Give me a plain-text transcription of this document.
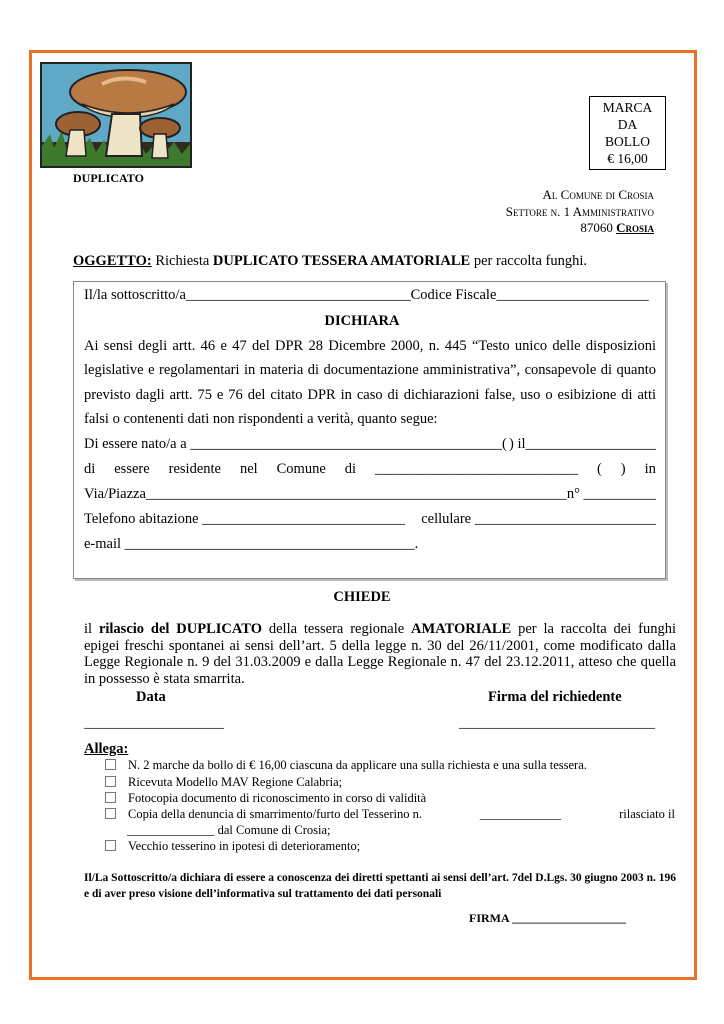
DUPLICATO
MARCA
DA
BOLLO
€ 16,00
Al Comune di Crosia
Settore n. 1 Amministrativo
87060 Crosia
OGGETTO: Richiesta DUPLICATO TESSERA AMATORIALE per raccolta funghi.
Il/la sottoscritto/a_______________________________Codice Fiscale_____________________
DICHIARA
Ai sensi degli artt. 46 e 47 del DPR 28 Dicembre 2000, n. 445 “Testo unico delle disposizioni
legislative e regolamentari in materia di documentazione amministrativa”, consapevole di quanto
previsto dagli artt. 75 e 76 del citato DPR in caso di dichiarazioni false, uso o esibizione di atti
falsi o contenenti dati non rispondenti a verità, quanto segue:
Di essere nato/a a ___________________________________________( ) il__________________
di essere residente nel Comune di ____________________________ ( ) in
Via/Piazza__________________________________________________________ n° __________
Telefono abitazione ____________________________ cellulare _________________________
e-mail ________________________________________.
CHIEDE
il rilascio del DUPLICATO della tessera regionale AMATORIALE per la raccolta dei funghi epigei freschi spontanei ai sensi dell’art. 5 della legge n. 30 del 26/11/2001, come modificato dalla Legge Regionale n. 9 del 31.03.2009 e dalla Legge Regionale n. 47 del 23.12.2011, atteso che quella in possesso è stata smarrita.
Data	Firma del richiedente
____________________	____________________________
Allega:
N. 2 marche da bollo di € 16,00 ciascuna da applicare una sulla richiesta e una sulla tessera.
Ricevuta Modello MAV Regione Calabria;
Fotocopia documento di riconoscimento in corso di validità
Copia della denuncia di smarrimento/furto del Tesserino n.	_____________	rilasciato il
______________ dal Comune di Crosia;
Vecchio tesserino in ipotesi di deterioramento;
Il/La Sottoscritto/a dichiara di essere a conoscenza dei diretti spettanti ai sensi dell’art. 7del D.Lgs. 30 giugno 2003 n. 196 e di aver preso visione dell’informativa sul trattamento dei dati personali
FIRMA ___________________
